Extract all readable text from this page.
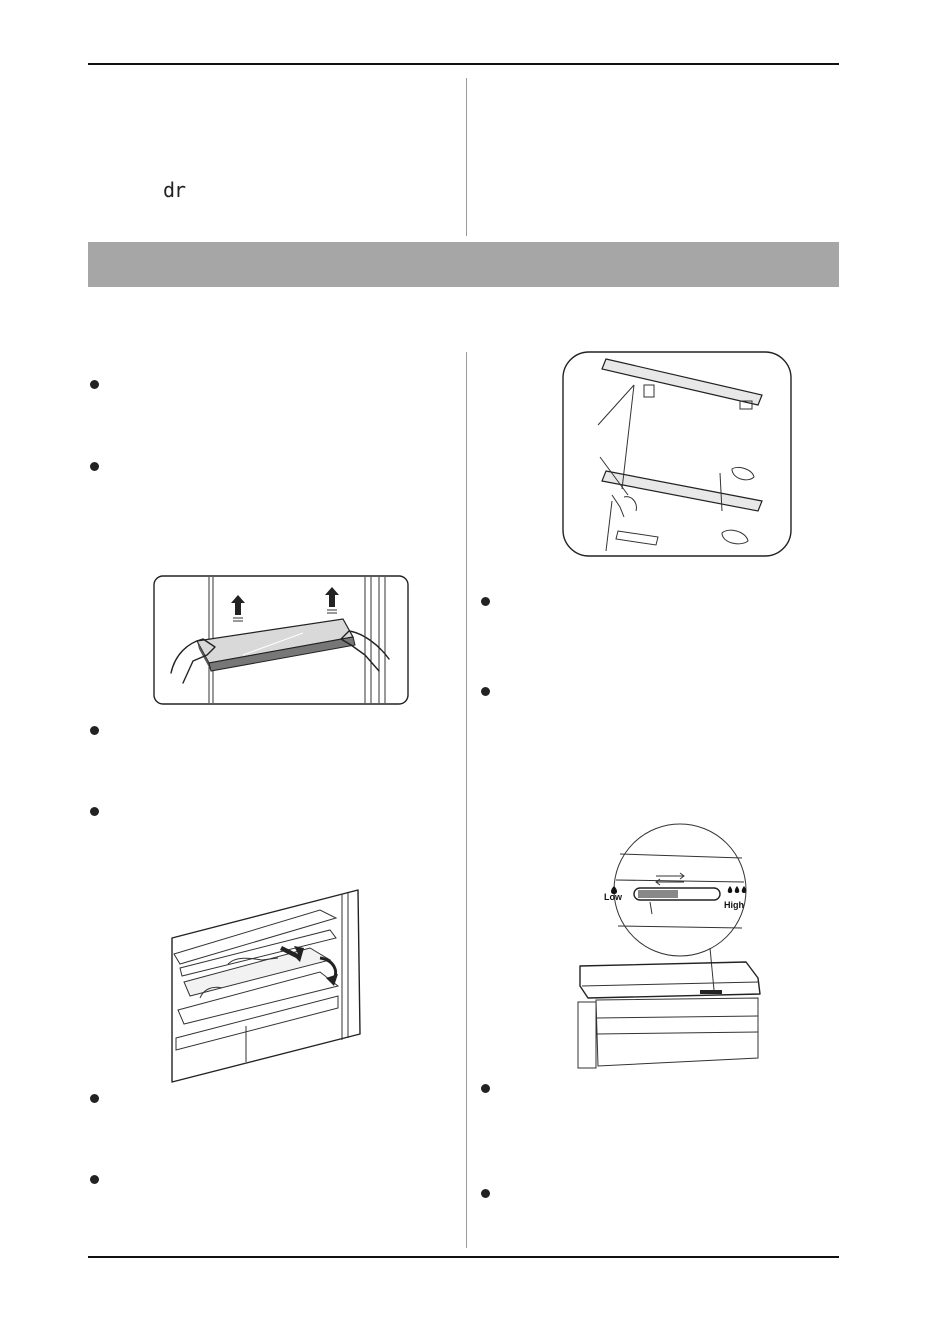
dr
Low
High
